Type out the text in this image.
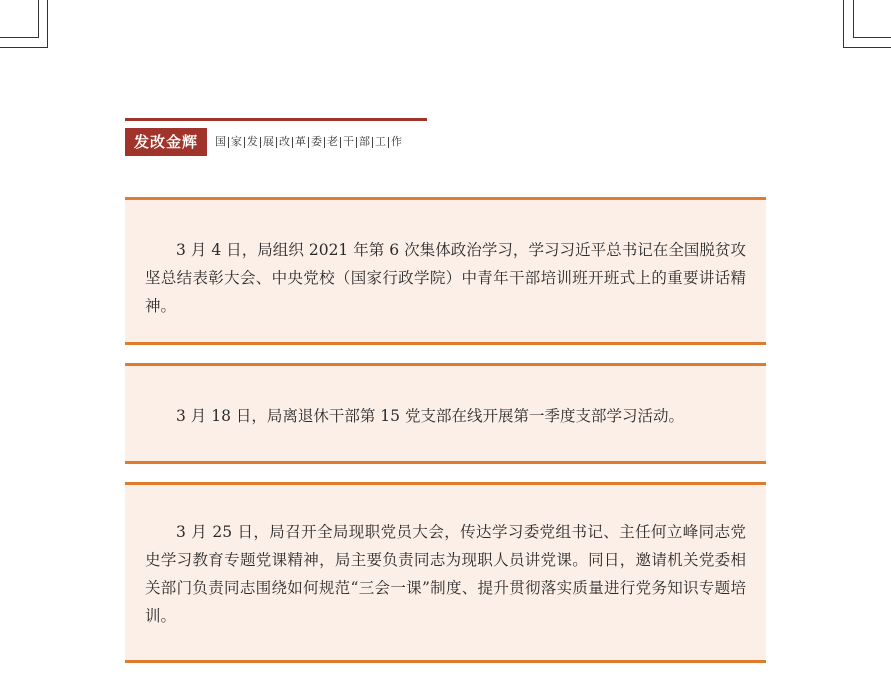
发改金辉	国 家 发 展 改 革 委 老 干 部 工 作

3 月 4 日，局组织 2021 年第 6 次集体政治学习，学习习近平总书记在全国脱贫攻坚总结表彰大会、中央党校（国家行政学院）中青年干部培训班开班式上的重要讲话精神。

3 月 18 日，局离退休干部第 15 党支部在线开展第一季度支部学习活动。

3 月 25 日，局召开全局现职党员大会，传达学习委党组书记、主任何立峰同志党史学习教育专题党课精神，局主要负责同志为现职人员讲党课。同日，邀请机关党委相关部门负责同志围绕如何规范“三会一课”制度、提升贯彻落实质量进行党务知识专题培训。
